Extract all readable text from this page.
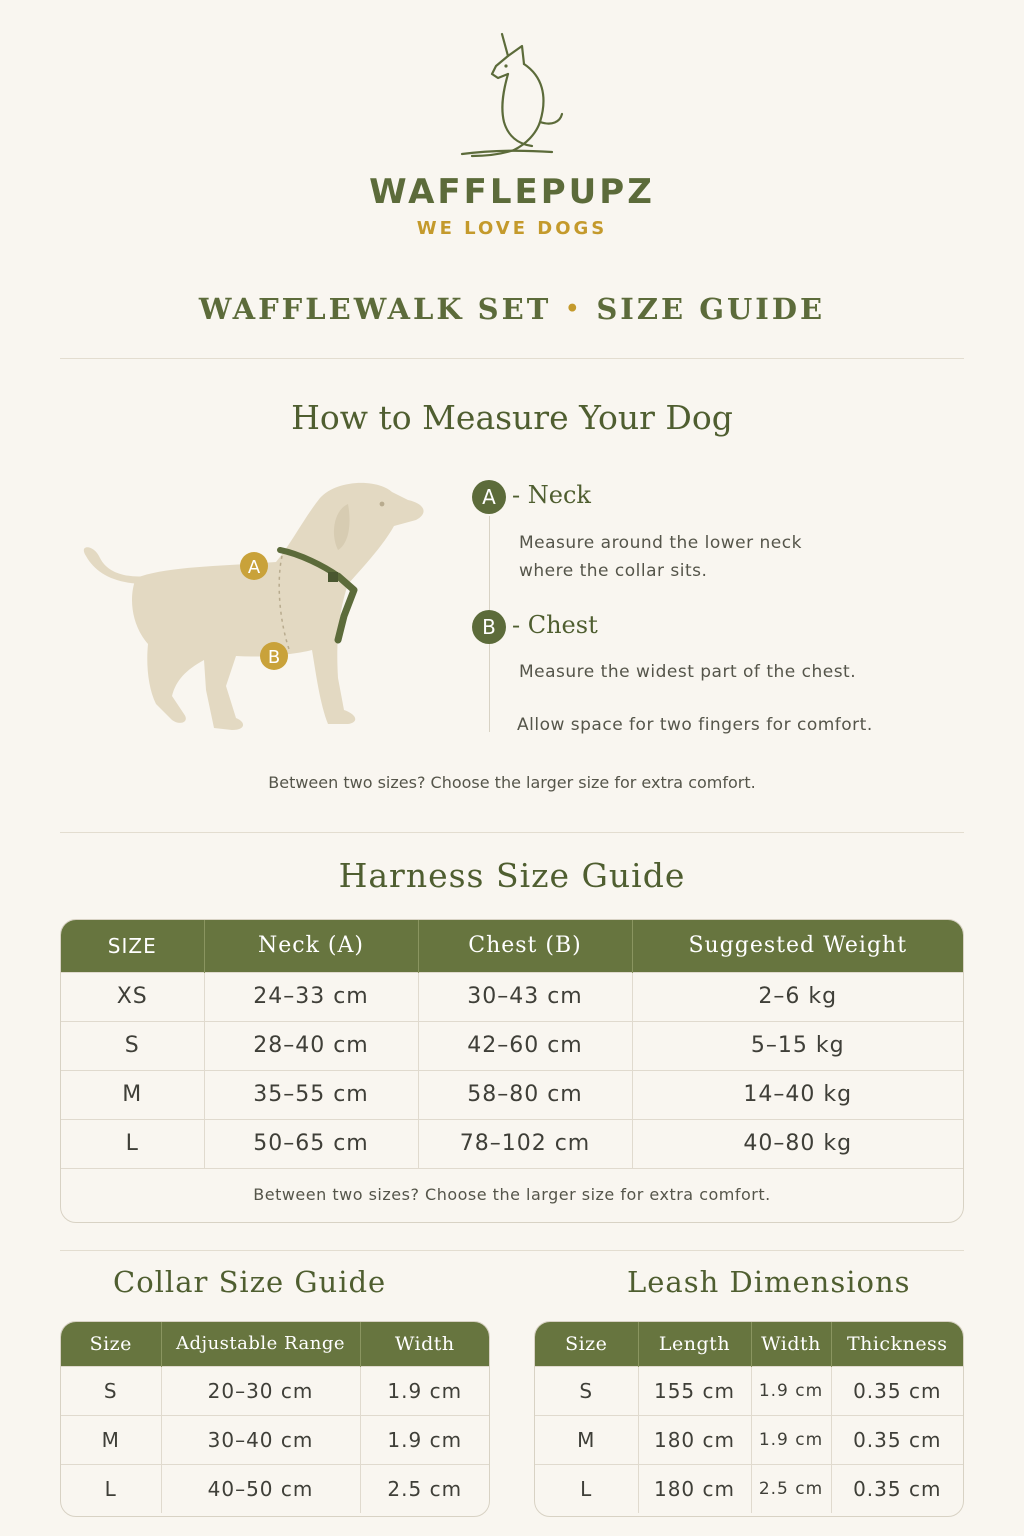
WAFFLEPUPZ
WE LOVE DOGS
WAFFLEWALK SET • SIZE GUIDE
How to Measure Your Dog
A
B
A - Neck
Measure around the lower neck
where the collar sits.
B - Chest
Measure the widest part of the chest.
Allow space for two fingers for comfort.
Between two sizes? Choose the larger size for extra comfort.
Harness Size Guide
SIZE	Neck (A)	Chest (B)	Suggested Weight
XS	24–33 cm	30–43 cm	2–6 kg
S	28–40 cm	42–60 cm	5–15 kg
M	35–55 cm	58–80 cm	14–40 kg
L	50–65 cm	78–102 cm	40–80 kg
Between two sizes? Choose the larger size for extra comfort.			
Collar Size Guide
Size	Adjustable Range	Width
S	20–30 cm	1.9 cm
M	30–40 cm	1.9 cm
L	40–50 cm	2.5 cm
Leash Dimensions
Size	Length	Width	Thickness
S	155 cm	1.9 cm	0.35 cm
M	180 cm	1.9 cm	0.35 cm
L	180 cm	2.5 cm	0.35 cm
